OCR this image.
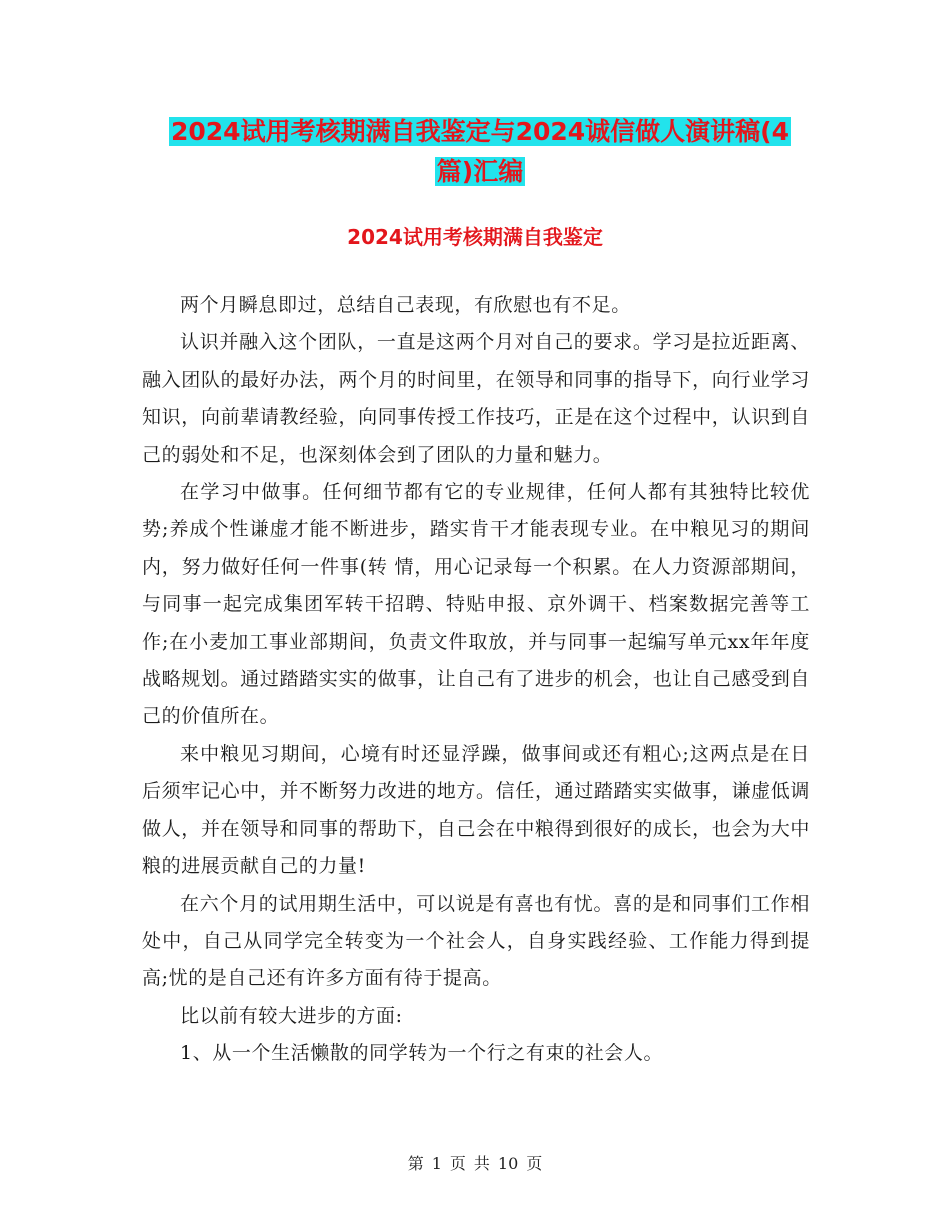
2024试用考核期满自我鉴定与2024诚信做人演讲稿(4
篇)汇编
2024试用考核期满自我鉴定

两个月瞬息即过，总结自己表现，有欣慰也有不足。

认识并融入这个团队，一直是这两个月对自己的要求。学习是拉近距离、融入团队的最好办法，两个月的时间里，在领导和同事的指导下，向行业学习知识，向前辈请教经验，向同事传授工作技巧，正是在这个过程中，认识到自己的弱处和不足，也深刻体会到了团队的力量和魅力。

在学习中做事。任何细节都有它的专业规律，任何人都有其独特比较优势;养成个性谦虚才能不断进步，踏实肯干才能表现专业。在中粮见习的期间内，努力做好任何一件事(转 情，用心记录每一个积累。在人力资源部期间，与同事一起完成集团军转干招聘、特贴申报、京外调干、档案数据完善等工作;在小麦加工事业部期间，负责文件取放，并与同事一起编写单元xx年年度战略规划。通过踏踏实实的做事，让自己有了进步的机会，也让自己感受到自己的价值所在。

来中粮见习期间，心境有时还显浮躁，做事间或还有粗心;这两点是在日后须牢记心中，并不断努力改进的地方。信任，通过踏踏实实做事，谦虚低调做人，并在领导和同事的帮助下，自己会在中粮得到很好的成长，也会为大中粮的进展贡献自己的力量!

在六个月的试用期生活中，可以说是有喜也有忧。喜的是和同事们工作相处中，自己从同学完全转变为一个社会人，自身实践经验、工作能力得到提高;忧的是自己还有许多方面有待于提高。

比以前有较大进步的方面:

1、从一个生活懒散的同学转为一个行之有束的社会人。

第 1 页 共 10 页
